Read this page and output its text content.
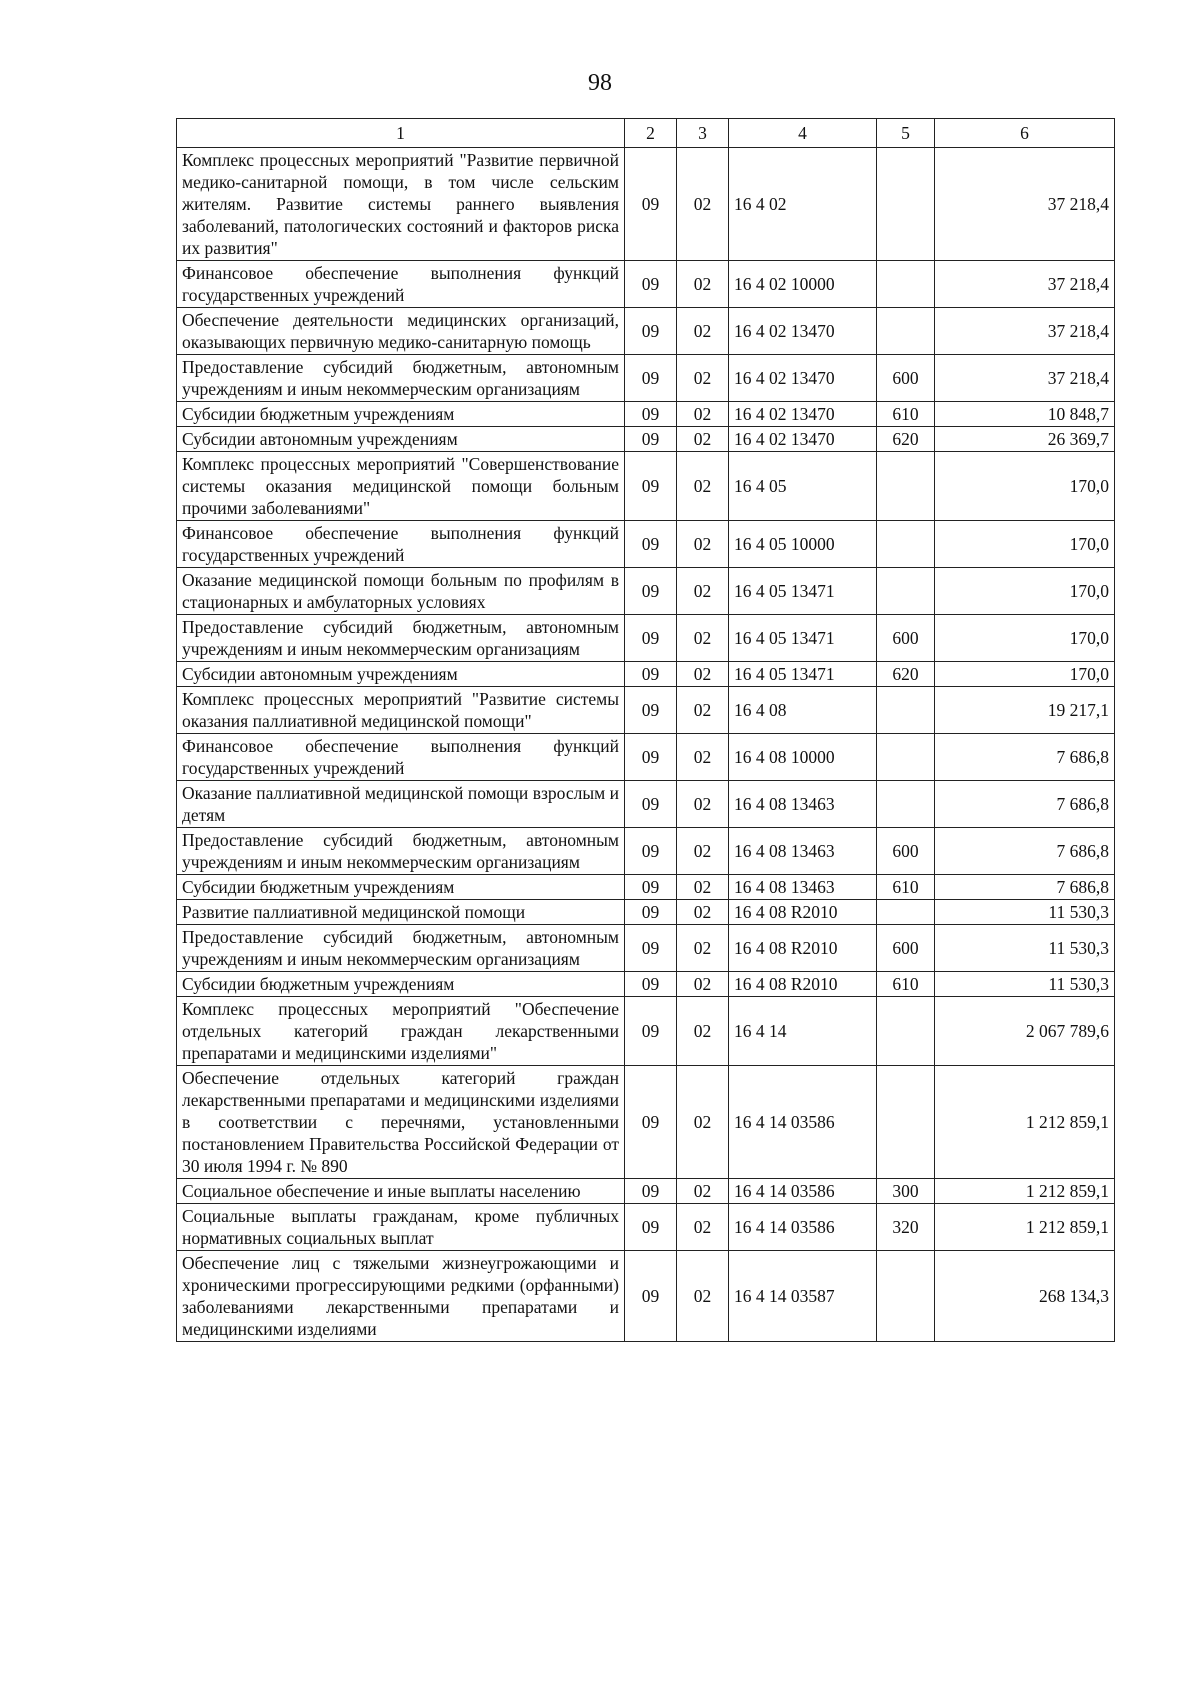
98
1	2	3	4	5	6
Комплекс процессных мероприятий "Развитие первичной медико-санитарной помощи, в том числе сельским жителям. Развитие системы раннего выявления заболеваний, патологических состояний и факторов риска их развития"	09	02	16 4 02		37 218,4
Финансовое обеспечение выполнения функций государственных учреждений	09	02	16 4 02 10000		37 218,4
Обеспечение деятельности медицинских организаций, оказывающих первичную медико-санитарную помощь	09	02	16 4 02 13470		37 218,4
Предоставление субсидий бюджетным, автономным учреждениям и иным некоммерческим организациям	09	02	16 4 02 13470	600	37 218,4
Субсидии бюджетным учреждениям	09	02	16 4 02 13470	610	10 848,7
Субсидии автономным учреждениям	09	02	16 4 02 13470	620	26 369,7
Комплекс процессных мероприятий "Совершенствование системы оказания медицинской помощи больным прочими заболеваниями"	09	02	16 4 05		170,0
Финансовое обеспечение выполнения функций государственных учреждений	09	02	16 4 05 10000		170,0
Оказание медицинской помощи больным по профилям в стационарных и амбулаторных условиях	09	02	16 4 05 13471		170,0
Предоставление субсидий бюджетным, автономным учреждениям и иным некоммерческим организациям	09	02	16 4 05 13471	600	170,0
Субсидии автономным учреждениям	09	02	16 4 05 13471	620	170,0
Комплекс процессных мероприятий "Развитие системы оказания паллиативной медицинской помощи"	09	02	16 4 08		19 217,1
Финансовое обеспечение выполнения функций государственных учреждений	09	02	16 4 08 10000		7 686,8
Оказание паллиативной медицинской помощи взрослым и детям	09	02	16 4 08 13463		7 686,8
Предоставление субсидий бюджетным, автономным учреждениям и иным некоммерческим организациям	09	02	16 4 08 13463	600	7 686,8
Субсидии бюджетным учреждениям	09	02	16 4 08 13463	610	7 686,8
Развитие паллиативной медицинской помощи	09	02	16 4 08 R2010		11 530,3
Предоставление субсидий бюджетным, автономным учреждениям и иным некоммерческим организациям	09	02	16 4 08 R2010	600	11 530,3
Субсидии бюджетным учреждениям	09	02	16 4 08 R2010	610	11 530,3
Комплекс процессных мероприятий "Обеспечение отдельных категорий граждан лекарственными препаратами и медицинскими изделиями"	09	02	16 4 14		2 067 789,6
Обеспечение отдельных категорий граждан лекарственными препаратами и медицинскими изделиями в соответствии с перечнями, установленными постановлением Правительства Российской Федерации от 30 июля 1994 г. № 890	09	02	16 4 14 03586		1 212 859,1
Социальное обеспечение и иные выплаты населению	09	02	16 4 14 03586	300	1 212 859,1
Социальные выплаты гражданам, кроме публичных нормативных социальных выплат	09	02	16 4 14 03586	320	1 212 859,1
Обеспечение лиц с тяжелыми жизнеугрожающими и хроническими прогрессирующими редкими (орфанными) заболеваниями лекарственными препаратами и медицинскими изделиями	09	02	16 4 14 03587		268 134,3
